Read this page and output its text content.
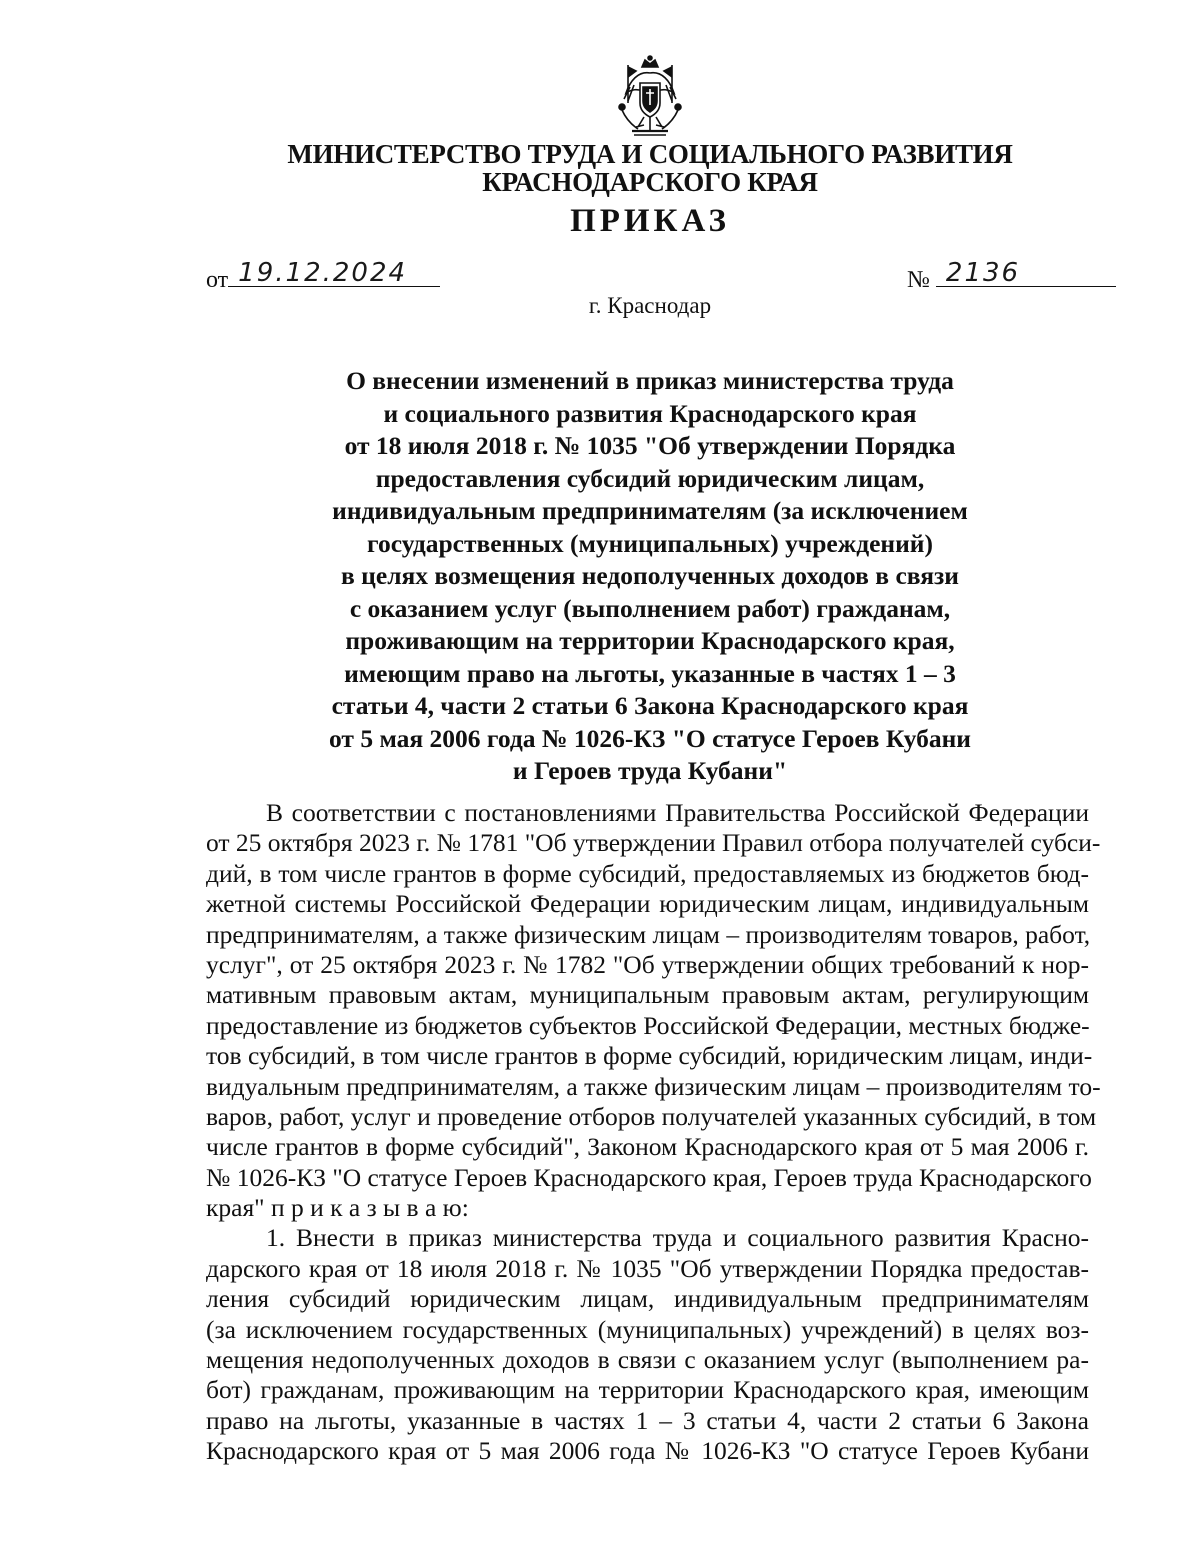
МИНИСТЕРСТВО ТРУДА И СОЦИАЛЬНОГО РАЗВИТИЯ
КРАСНОДАРСКОГО КРАЯ
ПРИКАЗ
от 19.12.2024	№ 2136
г. Краснодар
О внесении изменений в приказ министерства труда
и социального развития Краснодарского края
от 18 июля 2018 г. № 1035 "Об утверждении Порядка
предоставления субсидий юридическим лицам,
индивидуальным предпринимателям (за исключением
государственных (муниципальных) учреждений)
в целях возмещения недополученных доходов в связи
с оказанием услуг (выполнением работ) гражданам,
проживающим на территории Краснодарского края,
имеющим право на льготы, указанные в частях 1 – 3
статьи 4, части 2 статьи 6 Закона Краснодарского края
от 5 мая 2006 года № 1026-КЗ "О статусе Героев Кубани
и Героев труда Кубани"
В соответствии с постановлениями Правительства Российской Федерации
от 25 октября 2023 г. № 1781 "Об утверждении Правил отбора получателей субси-
дий, в том числе грантов в форме субсидий, предоставляемых из бюджетов бюд-
жетной системы Российской Федерации юридическим лицам, индивидуальным
предпринимателям, а также физическим лицам – производителям товаров, работ,
услуг", от 25 октября 2023 г. № 1782 "Об утверждении общих требований к нор-
мативным правовым актам, муниципальным правовым актам, регулирующим
предоставление из бюджетов субъектов Российской Федерации, местных бюдже-
тов субсидий, в том числе грантов в форме субсидий, юридическим лицам, инди-
видуальным предпринимателям, а также физическим лицам – производителям то-
варов, работ, услуг и проведение отборов получателей указанных субсидий, в том
числе грантов в форме субсидий", Законом Краснодарского края от 5 мая 2006 г.
№ 1026-КЗ "О статусе Героев Краснодарского края, Героев труда Краснодарского
края" п р и к а з ы в а ю:
1. Внести в приказ министерства труда и социального развития Красно-
дарского края от 18 июля 2018 г. № 1035 "Об утверждении Порядка предостав-
ления субсидий юридическим лицам, индивидуальным предпринимателям
(за исключением государственных (муниципальных) учреждений) в целях воз-
мещения недополученных доходов в связи с оказанием услуг (выполнением ра-
бот) гражданам, проживающим на территории Краснодарского края, имеющим
право на льготы, указанные в частях 1 – 3 статьи 4, части 2 статьи 6 Закона
Краснодарского края от 5 мая 2006 года № 1026-КЗ "О статусе Героев Кубани
